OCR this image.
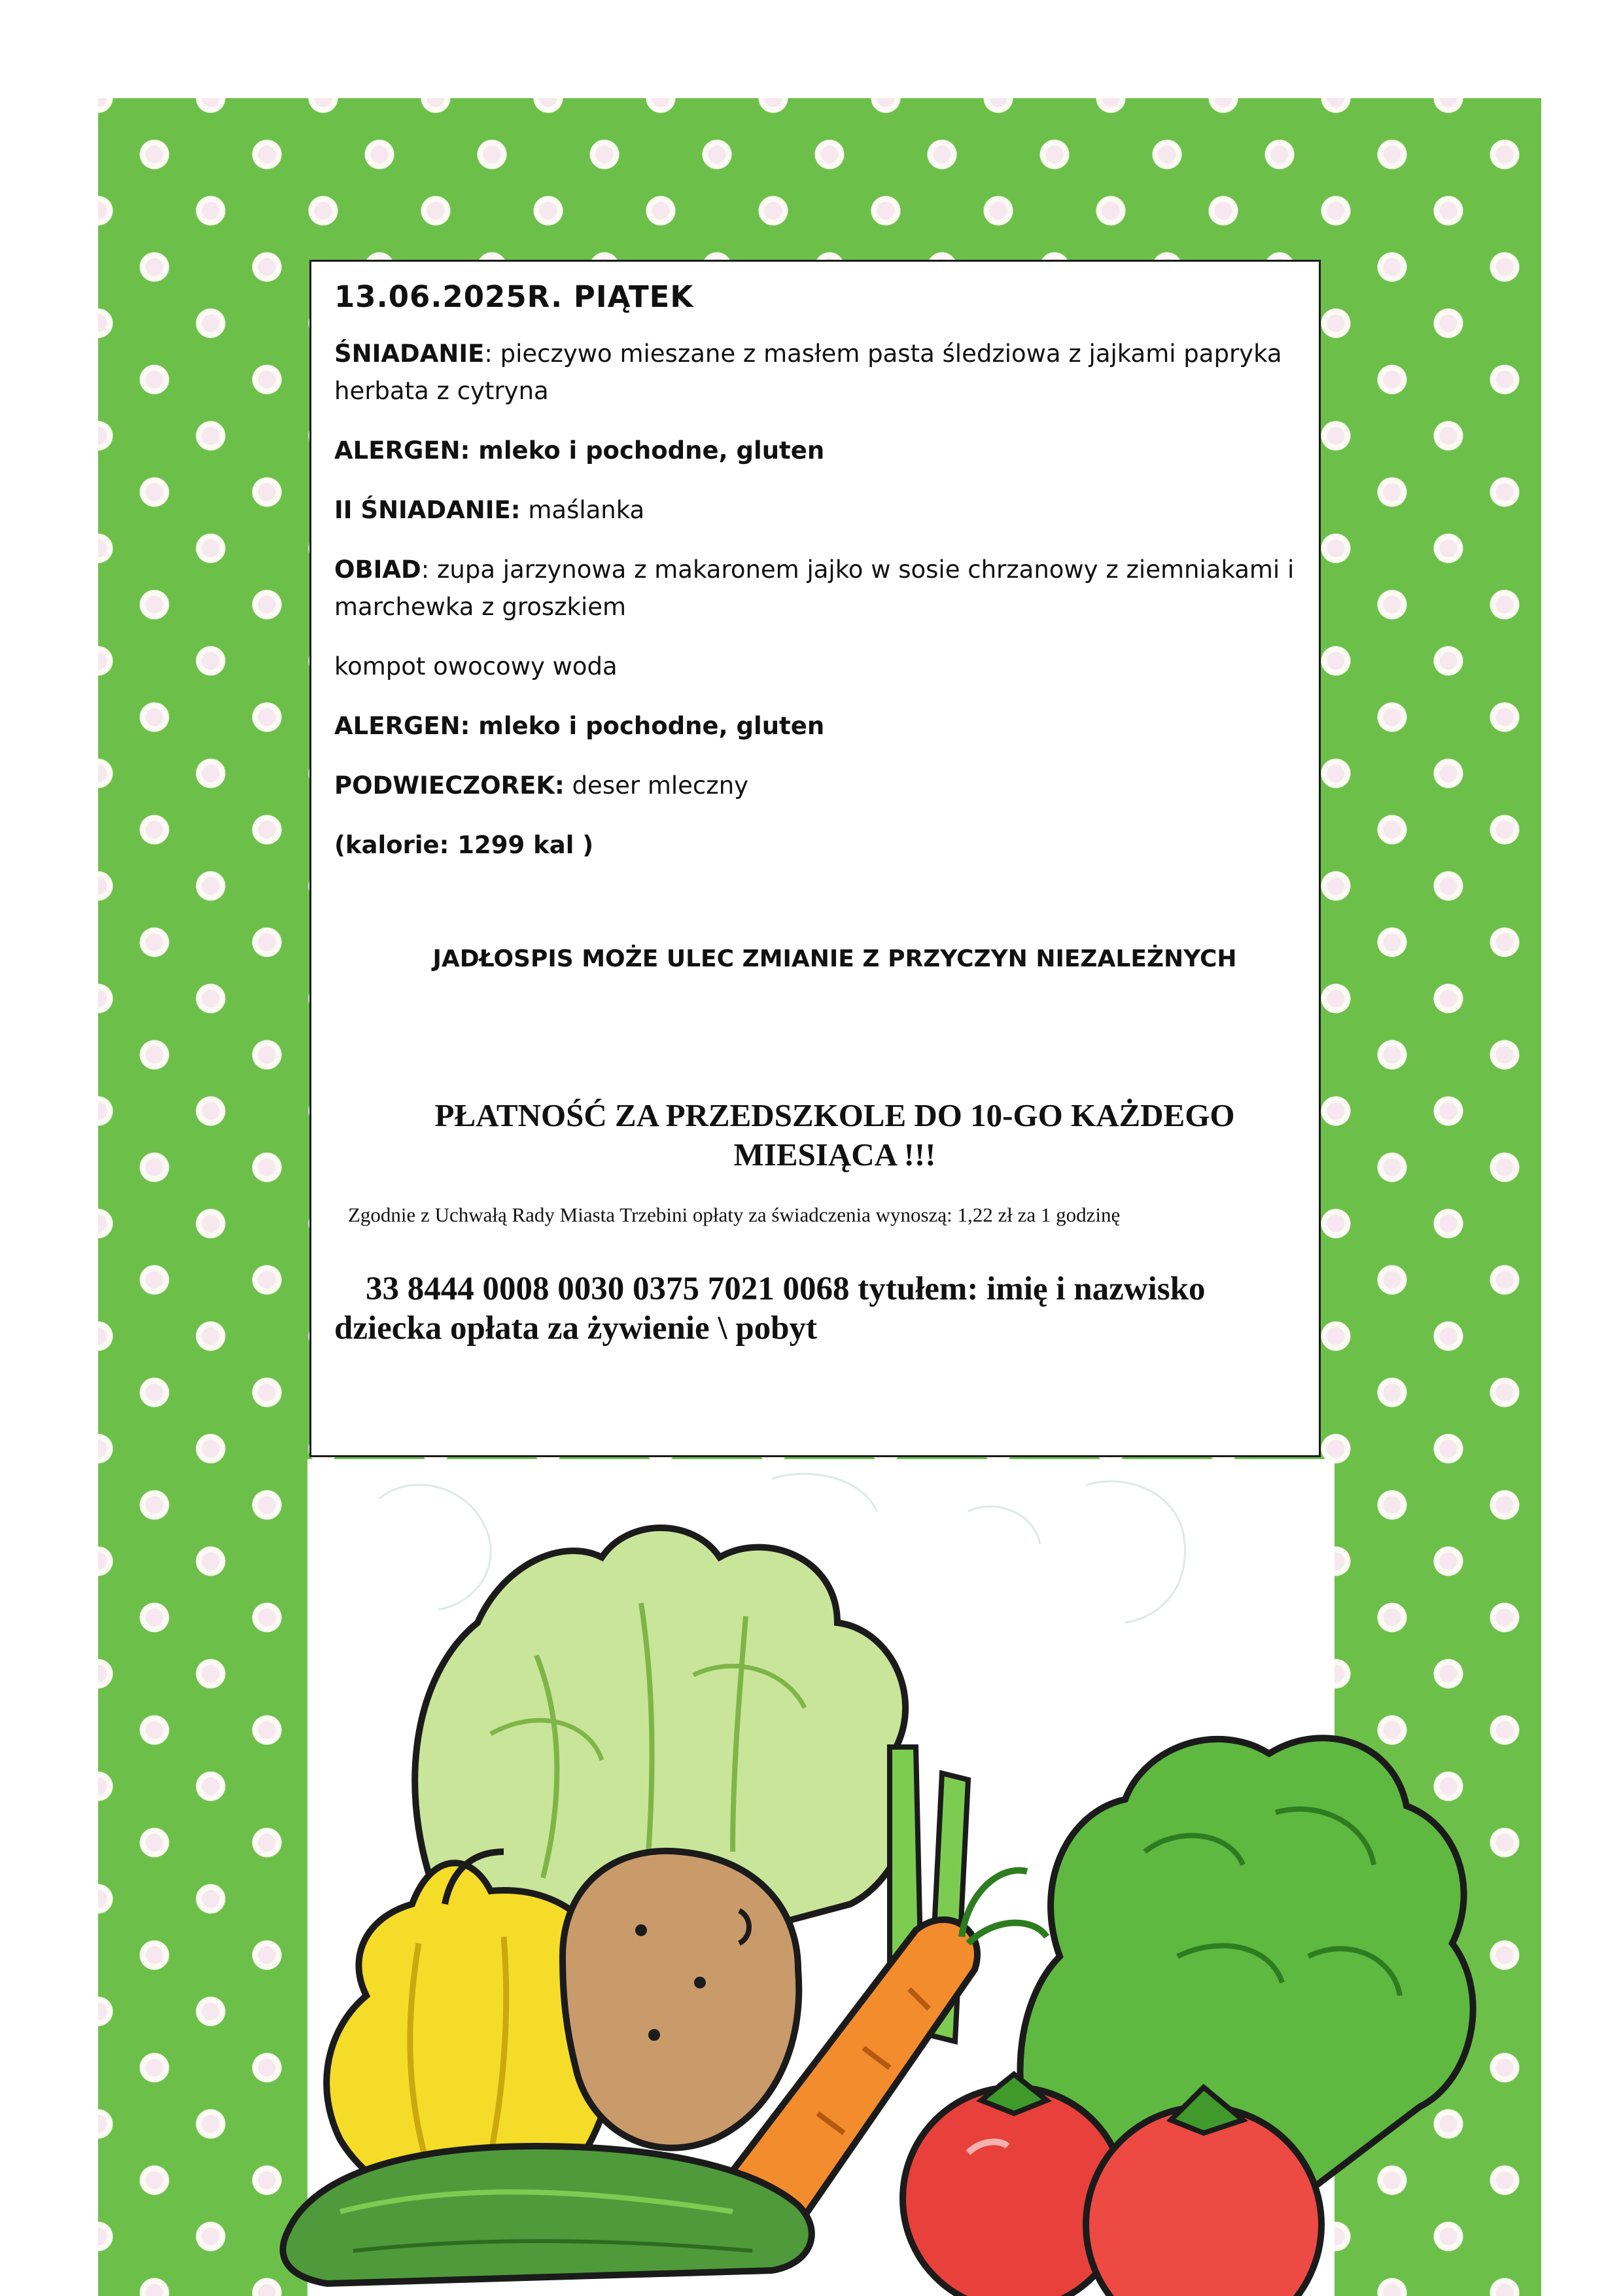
13.06.2025R. PIĄTEK

ŚNIADANIE: pieczywo mieszane z masłem pasta śledziowa z jajkami papryka herbata z cytryna

ALERGEN: mleko i pochodne, gluten

II ŚNIADANIE: maślanka

OBIAD: zupa jarzynowa z makaronem jajko w sosie chrzanowy z ziemniakami i marchewka z groszkiem

kompot owocowy woda

ALERGEN: mleko i pochodne, gluten

PODWIECZOREK: deser mleczny

(kalorie: 1299 kal )

JADŁOSPIS MOŻE ULEC ZMIANIE Z PRZYCZYN NIEZALEŻNYCH
PŁATNOŚĆ ZA PRZEDSZKOLE DO 10-GO KAŻDEGO
MIESIĄCA !!!
Zgodnie z Uchwałą Rady Miasta Trzebini opłaty za świadczenia wynoszą: 1,22 zł za 1 godzinę
33 8444 0008 0030 0375 7021 0068 tytułem: imię i nazwisko
dziecka opłata za żywienie \ pobyt
